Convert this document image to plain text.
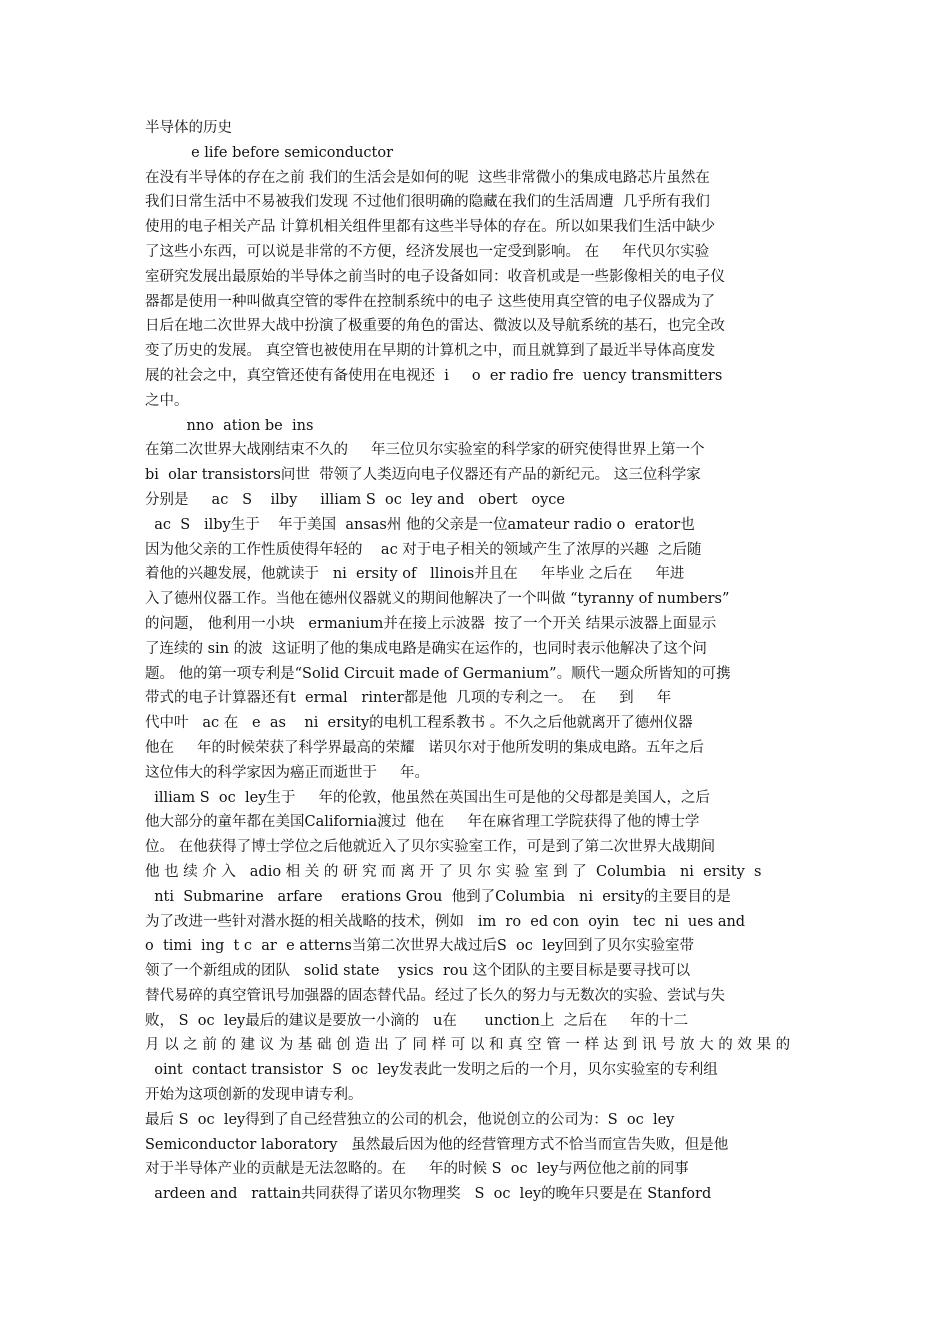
半导体的历史
e life before semiconductor
在没有半导体的存在之前 我们的生活会是如何的呢  这些非常微小的集成电路芯片虽然在
我们日常生活中不易被我们发现 不过他们很明确的隐藏在我们的生活周遭  几乎所有我们
使用的电子相关产品 计算机相关组件里都有这些半导体的存在。所以如果我们生活中缺少
了这些小东西，可以说是非常的不方便，经济发展也一定受到影响。 在     年代贝尔实验
室研究发展出最原始的半导体之前当时的电子设备如同：收音机或是一些影像相关的电子仪
器都是使用一种叫做真空管的零件在控制系统中的电子 这些使用真空管的电子仪器成为了
日后在地二次世界大战中扮演了极重要的角色的雷达、微波以及导航系统的基石，也完全改
变了历史的发展。 真空管也被使用在早期的计算机之中，而且就算到了最近半导体高度发
展的社会之中，真空管还使有备使用在电视还  i     o  er radio fre  uency transmitters
之中。
nno  ation be  ins
在第二次世界大战刚结束不久的     年三位贝尔实验室的科学家的研究使得世界上第一个
bi  olar transistors问世  带领了人类迈向电子仪器还有产品的新纪元。 这三位科学家
分别是     ac   S    ilby     illiam S  oc  ley and   obert   oyce
ac  S   ilby生于    年于美国  ansas州 他的父亲是一位amateur radio o  erator也
因为他父亲的工作性质使得年轻的    ac 对于电子相关的领域产生了浓厚的兴趣  之后随
着他的兴趣发展，他就读于   ni  ersity of   llinois并且在     年毕业 之后在     年进
入了德州仪器工作。当他在德州仪器就义的期间他解决了一个叫做 “tyranny of numbers”
的问题， 他利用一小块   ermanium并在接上示波器  按了一个开关 结果示波器上面显示
了连续的 sin 的波  这证明了他的集成电路是确实在运作的，也同时表示他解决了这个问
题。 他的第一项专利是“Solid Circuit made of Germanium”。顺代一题众所皆知的可携
带式的电子计算器还有t  ermal   rinter都是他  几项的专利之一。  在     到     年
代中叶   ac 在   e  as    ni  ersity的电机工程系教书 。不久之后他就离开了德州仪器
他在     年的时候荣获了科学界最高的荣耀   诺贝尔对于他所发明的集成电路。五年之后
这位伟大的科学家因为癌正而逝世于     年。
illiam S  oc  ley生于     年的伦敦，他虽然在英国出生可是他的父母都是美国人，之后
他大部分的童年都在美国California渡过  他在     年在麻省理工学院获得了他的博士学
位。 在他获得了博士学位之后他就近入了贝尔实验室工作，可是到了第二次世界大战期间
他 也 续 介 入   adio 相 关 的 研 究 而 离 开 了 贝 尔 实 验 室 到 了  Columbia   ni  ersity  s
nti  Submarine   arfare    erations Grou  他到了Columbia   ni  ersity的主要目的是
为了改进一些针对潜水挺的相关战略的技术，例如   im  ro  ed con  oyin   tec  ni  ues and
o  timi  ing  t c  ar  e atterns当第二次世界大战过后S  oc  ley回到了贝尔实验室带
领了一个新组成的团队   solid state    ysics  rou 这个团队的主要目标是要寻找可以
替代易碎的真空管讯号加强器的固态替代品。经过了长久的努力与无数次的实验、尝试与失
败， S  oc  ley最后的建议是要放一小滴的   u在      unction上  之后在     年的十二
月 以 之 前 的 建 议 为 基 础 创 造 出 了 同 样 可 以 和 真 空 管 一 样 达 到 讯 号 放 大 的 效 果 的
oint  contact transistor  S  oc  ley发表此一发明之后的一个月，贝尔实验室的专利组
开始为这项创新的发现申请专利。
最后 S  oc  ley得到了自己经营独立的公司的机会，他说创立的公司为：S  oc  ley
Semiconductor laboratory   虽然最后因为他的经营管理方式不恰当而宣告失败，但是他
对于半导体产业的贡献是无法忽略的。在     年的时候 S  oc  ley与两位他之前的同事
ardeen and   rattain共同获得了诺贝尔物理奖   S  oc  ley的晚年只要是在 Stanford
